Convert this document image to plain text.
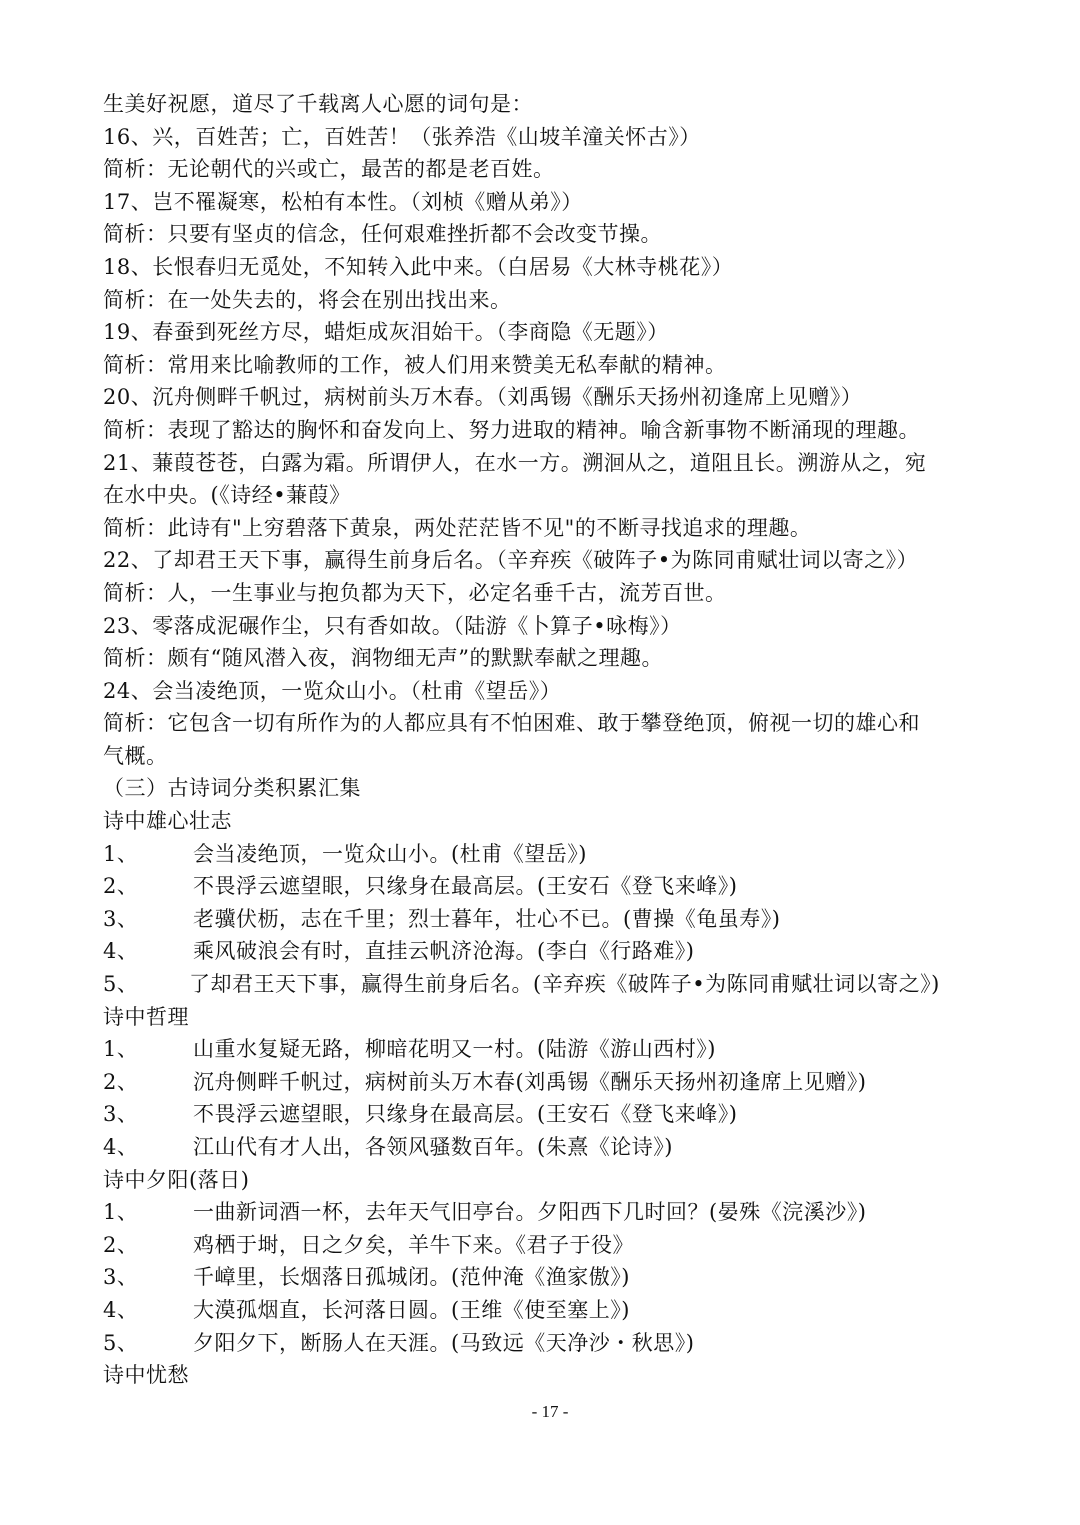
生美好祝愿，道尽了千载离人心愿的词句是：
16、兴，百姓苦；亡，百姓苦！（张养浩《山坡羊潼关怀古》）
简析：无论朝代的兴或亡，最苦的都是老百姓。
17、岂不罹凝寒，松柏有本性。（刘桢《赠从弟》）
简析：只要有坚贞的信念，任何艰难挫折都不会改变节操。
18、长恨春归无觅处，不知转入此中来。（白居易《大林寺桃花》）
简析：在一处失去的，将会在别出找出来。
19、春蚕到死丝方尽，蜡炬成灰泪始干。（李商隐《无题》）
简析：常用来比喻教师的工作，被人们用来赞美无私奉献的精神。
20、沉舟侧畔千帆过，病树前头万木春。（刘禹锡《酬乐天扬州初逢席上见赠》）
简析：表现了豁达的胸怀和奋发向上、努力进取的精神。喻含新事物不断涌现的理趣。
21、蒹葭苍苍，白露为霜。所谓伊人，在水一方。溯洄从之，道阻且长。溯游从之，宛
在水中央。(《诗经•蒹葭》
简析：此诗有"上穷碧落下黄泉，两处茫茫皆不见"的不断寻找追求的理趣。
22、了却君王天下事，赢得生前身后名。（辛弃疾《破阵子•为陈同甫赋壮词以寄之》）
简析：人，一生事业与抱负都为天下，必定名垂千古，流芳百世。
23、零落成泥碾作尘，只有香如故。（陆游《卜算子•咏梅》）
简析：颇有“随风潜入夜，润物细无声”的默默奉献之理趣。
24、会当凌绝顶，一览众山小。（杜甫《望岳》）
简析：它包含一切有所作为的人都应具有不怕困难、敢于攀登绝顶，俯视一切的雄心和
气概。
（三）古诗词分类积累汇集
诗中雄心壮志
1、	会当凌绝顶，一览众山小。(杜甫《望岳》)
2、	不畏浮云遮望眼，只缘身在最高层。(王安石《登飞来峰》)
3、	老骥伏枥，志在千里；烈士暮年，壮心不已。(曹操《龟虽寿》)
4、	乘风破浪会有时，直挂云帆济沧海。(李白《行路难》)
5、	了却君王天下事，赢得生前身后名。(辛弃疾《破阵子•为陈同甫赋壮词以寄之》)
诗中哲理
1、	山重水复疑无路，柳暗花明又一村。(陆游《游山西村》)
2、	沉舟侧畔千帆过，病树前头万木春(刘禹锡《酬乐天扬州初逢席上见赠》)
3、	不畏浮云遮望眼，只缘身在最高层。(王安石《登飞来峰》)
4、	江山代有才人出，各领风骚数百年。(朱熹《论诗》)
诗中夕阳(落日)
1、	一曲新词酒一杯，去年天气旧亭台。夕阳西下几时回？(晏殊《浣溪沙》)
2、	鸡栖于埘，日之夕矣，羊牛下来。《君子于役》
3、	千嶂里，长烟落日孤城闭。(范仲淹《渔家傲》)
4、	大漠孤烟直，长河落日圆。(王维《使至塞上》)
5、	夕阳夕下，断肠人在天涯。(马致远《天净沙・秋思》)
诗中忧愁
- 17 -
